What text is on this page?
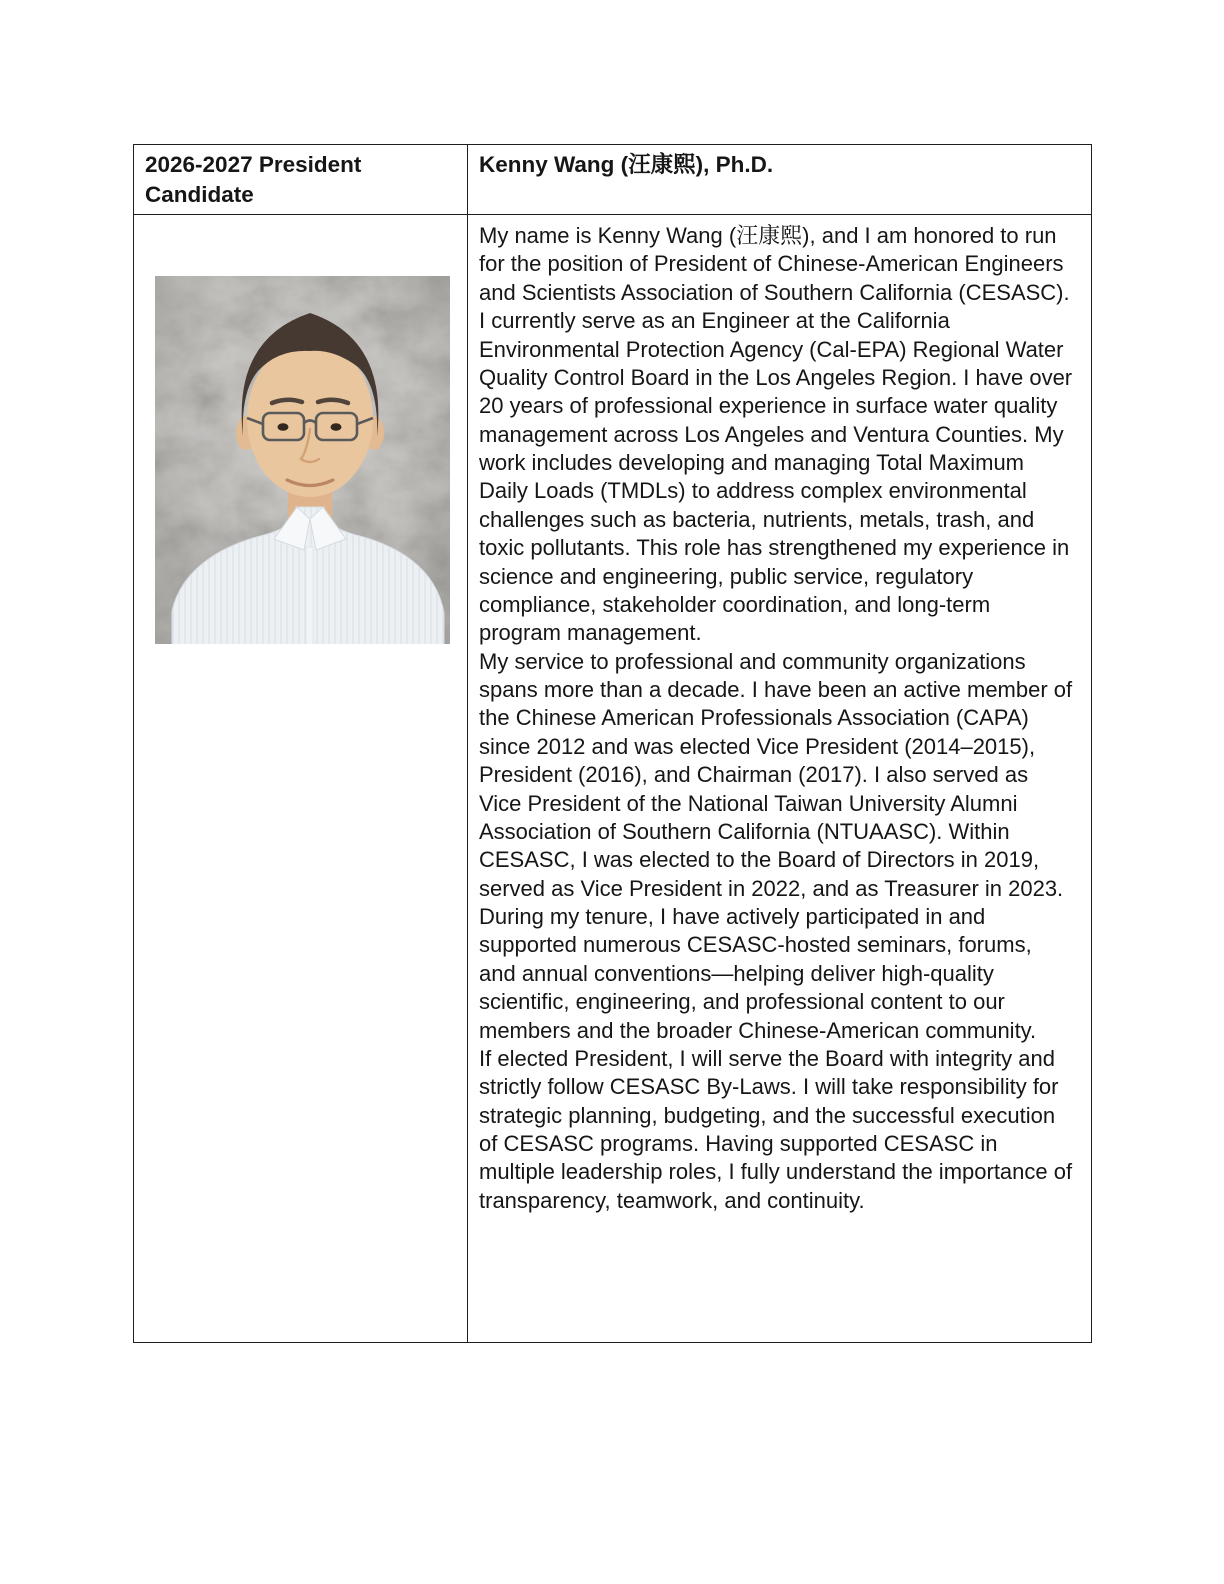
2026-2027 President Candidate	Kenny Wang (汪康熙), Ph.D.

My name is Kenny Wang (汪康熙), and I am honored to run for the position of President of Chinese-American Engineers and Scientists Association of Southern California (CESASC).

I currently serve as an Engineer at the California Environmental Protection Agency (Cal-EPA) Regional Water Quality Control Board in the Los Angeles Region. I have over 20 years of professional experience in surface water quality management across Los Angeles and Ventura Counties. My work includes developing and managing Total Maximum Daily Loads (TMDLs) to address complex environmental challenges such as bacteria, nutrients, metals, trash, and toxic pollutants. This role has strengthened my experience in science and engineering, public service, regulatory compliance, stakeholder coordination, and long-term program management.

My service to professional and community organizations spans more than a decade. I have been an active member of the Chinese American Professionals Association (CAPA) since 2012 and was elected Vice President (2014–2015), President (2016), and Chairman (2017). I also served as Vice President of the National Taiwan University Alumni Association of Southern California (NTUAASC). Within CESASC, I was elected to the Board of Directors in 2019, served as Vice President in 2022, and as Treasurer in 2023. During my tenure, I have actively participated in and supported numerous CESASC-hosted seminars, forums, and annual conventions—helping deliver high-quality scientific, engineering, and professional content to our members and the broader Chinese-American community.

If elected President, I will serve the Board with integrity and strictly follow CESASC By-Laws. I will take responsibility for strategic planning, budgeting, and the successful execution of CESASC programs. Having supported CESASC in multiple leadership roles, I fully understand the importance of transparency, teamwork, and continuity.
